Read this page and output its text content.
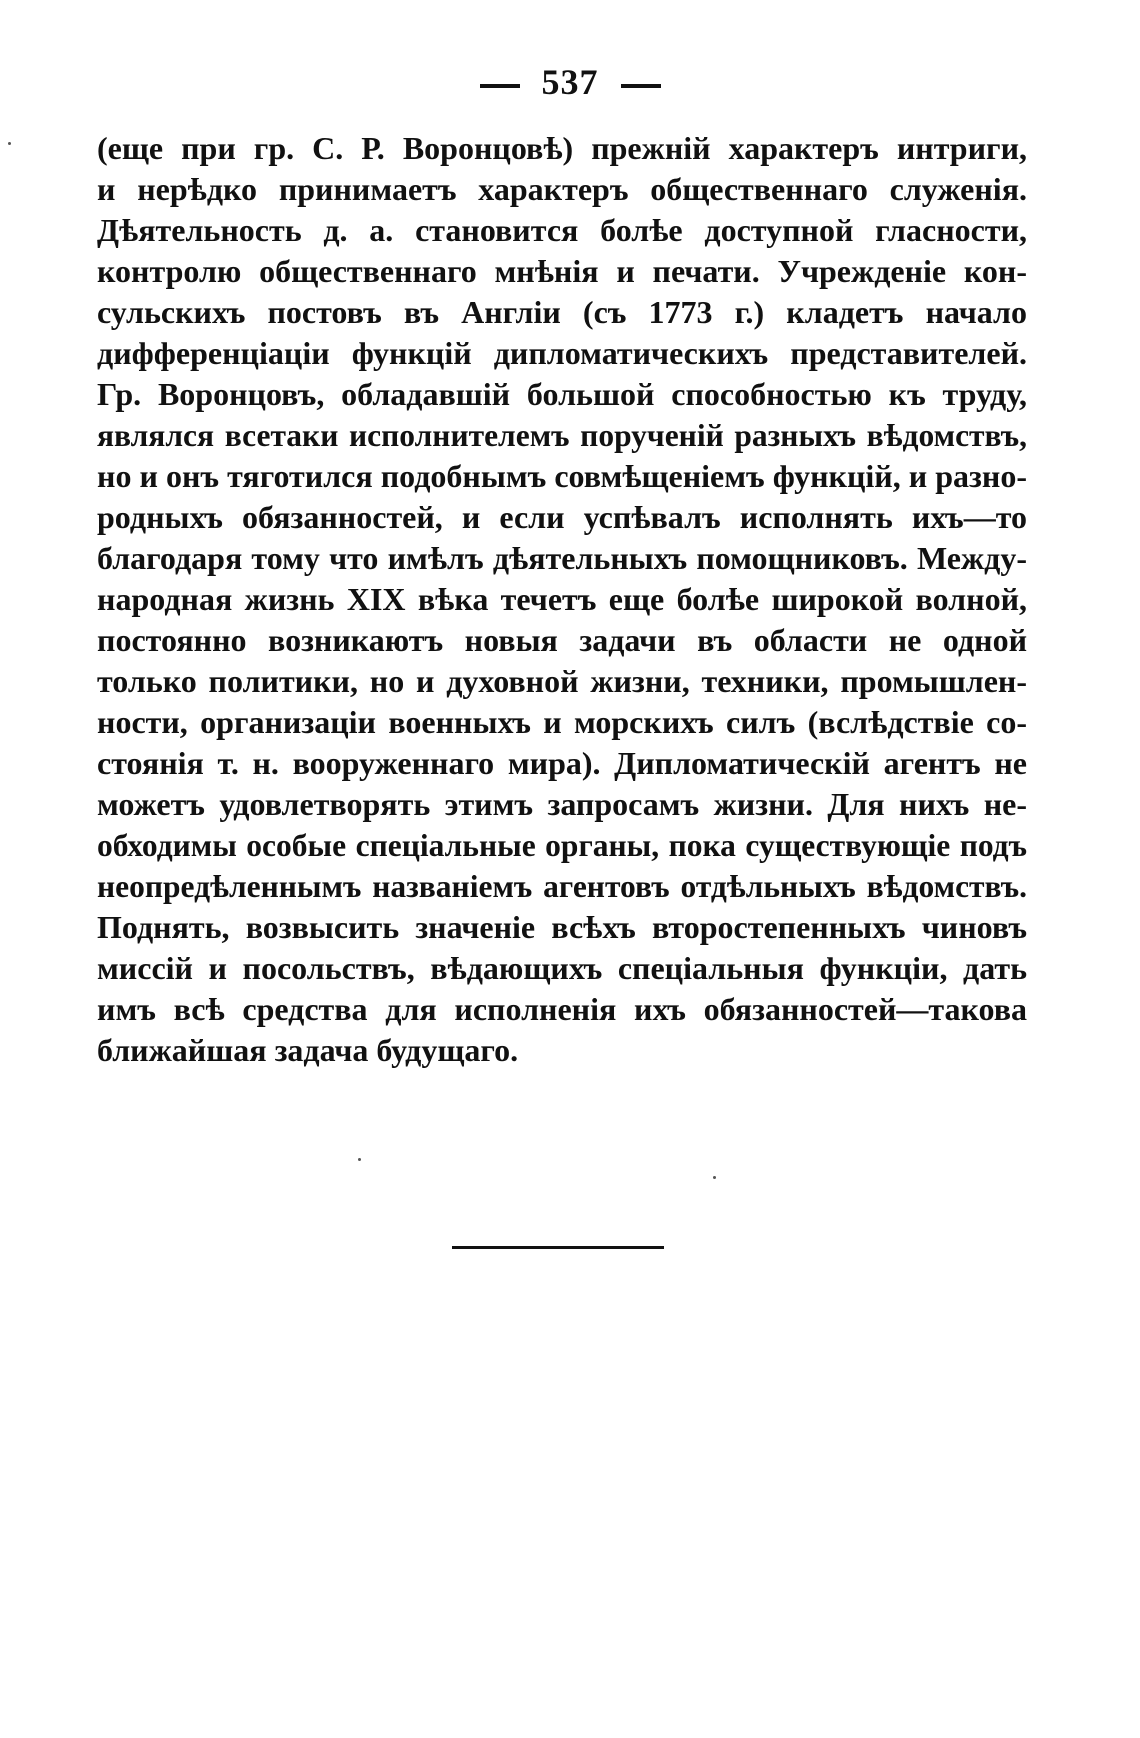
537
(еще при гр. С. Р. Воронцовѣ) прежній характеръ интриги,
и нерѣдко принимаетъ характеръ общественнаго служенія.
Дѣятельность д. а. становится болѣе доступной гласности,
контролю общественнаго мнѣнія и печати. Учрежденіе кон-
сульскихъ постовъ въ Англіи (съ 1773 г.) кладетъ начало
дифференціаціи функцій дипломатическихъ представителей.
Гр. Воронцовъ, обладавшій большой способностью къ труду,
являлся всетаки исполнителемъ порученій разныхъ вѣдомствъ,
но и онъ тяготился подобнымъ совмѣщеніемъ функцій, и разно-
родныхъ обязанностей, и если успѣвалъ исполнять ихъ—то
благодаря тому что имѣлъ дѣятельныхъ помощниковъ. Между-
народная жизнь XIX вѣка течетъ еще болѣе широкой волной,
постоянно возникаютъ новыя задачи въ области не одной
только политики, но и духовной жизни, техники, промышлен-
ности, организаціи военныхъ и морскихъ силъ (вслѣдствіе со-
стоянія т. н. вооруженнаго мира). Дипломатическій агентъ не
можетъ удовлетворять этимъ запросамъ жизни. Для нихъ не-
обходимы особые спеціальные органы, пока существующіе подъ
неопредѣленнымъ названіемъ агентовъ отдѣльныхъ вѣдомствъ.
Поднять, возвысить значеніе всѣхъ второстепенныхъ чиновъ
миссій и посольствъ, вѣдающихъ спеціальныя функціи, дать
имъ всѣ средства для исполненія ихъ обязанностей—такова
ближайшая задача будущаго.
